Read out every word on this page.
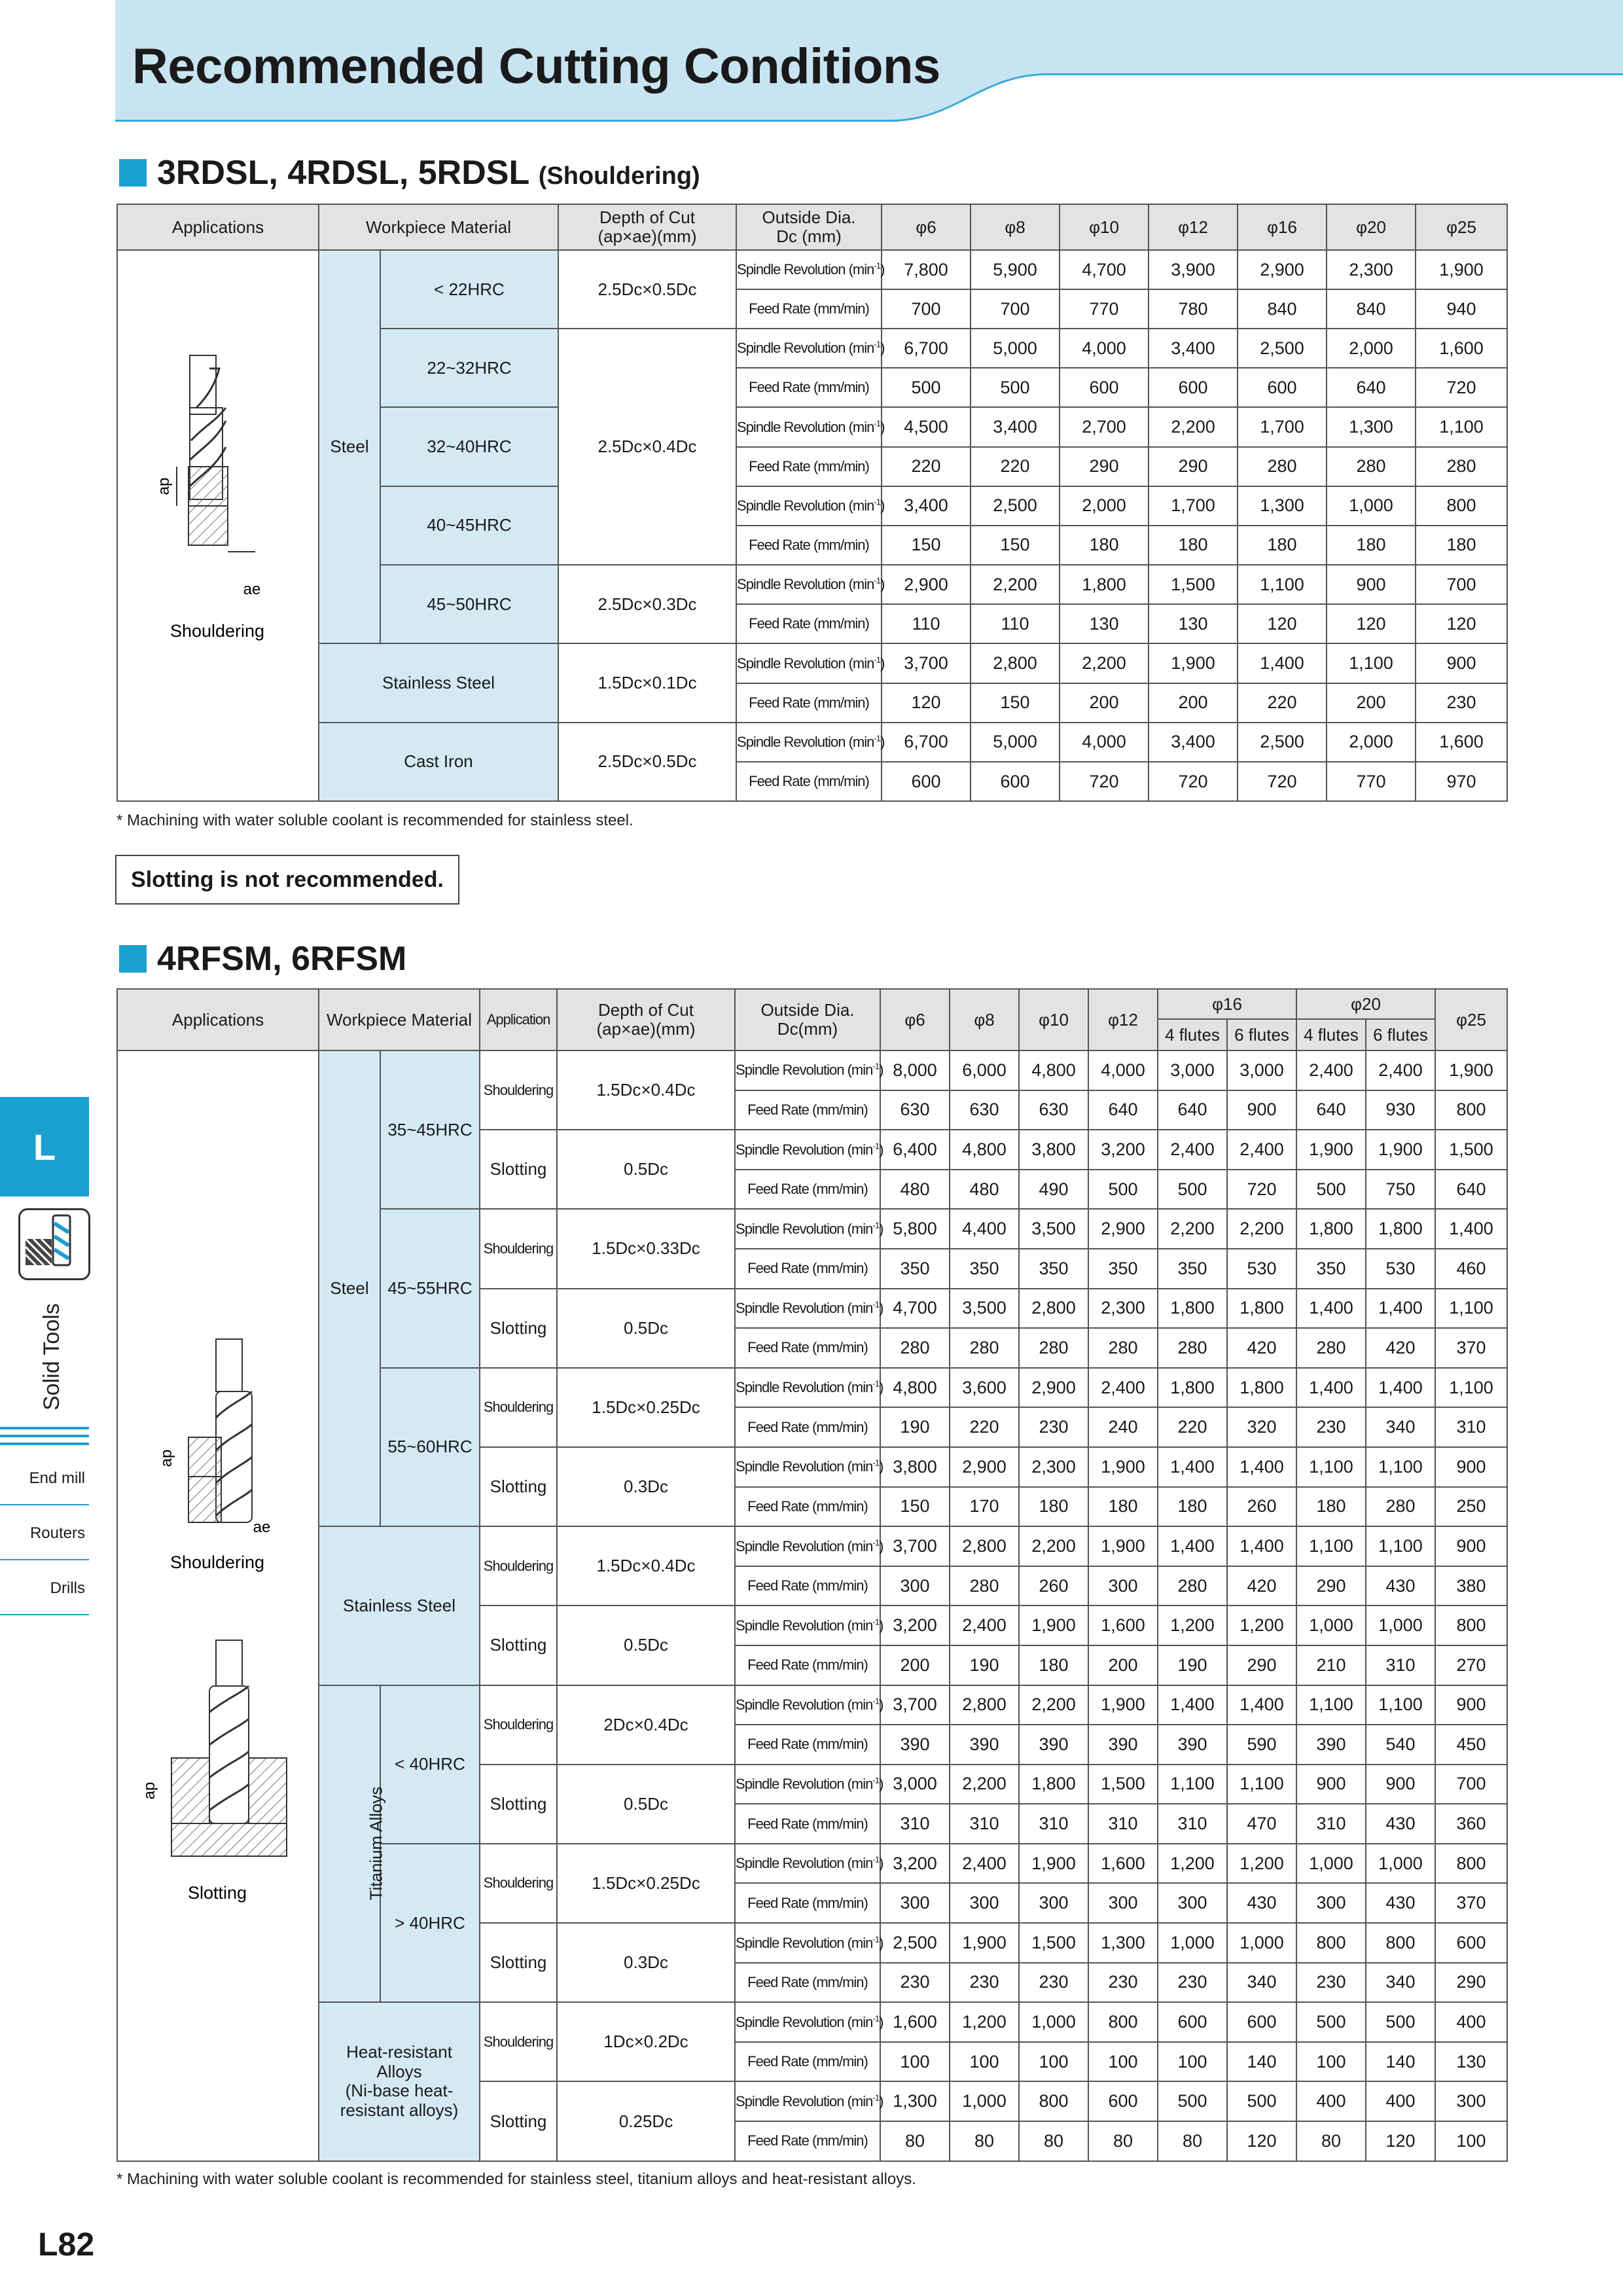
Recommended Cutting Conditions
3RDSL, 4RDSL, 5RDSL (Shouldering)
Applications	Workpiece Material		Depth of Cut
(ap×ae)(mm)	Outside Dia.
Dc (mm)	φ6	φ8	φ10	φ12	φ16	φ20	φ25

ap
ae
Shouldering	Steel	< 22HRC	2.5Dc×0.5Dc	Spindle Revolution $(\min^{-1})$	7,800	5,900	4,700	3,900	2,900	2,300	1,900
				Feed Rate (mm/min)	700	700	770	780	840	840	940
		22~32HRC	2.5Dc×0.4Dc	Spindle Revolution $(\min^{-1})$	6,700	5,000	4,000	3,400	2,500	2,000	1,600
				Feed Rate (mm/min)	500	500	600	600	600	640	720
		32~40HRC		Spindle Revolution $(\min^{-1})$	4,500	3,400	2,700	2,200	1,700	1,300	1,100
				Feed Rate (mm/min)	220	220	290	290	280	280	280
		40~45HRC		Spindle Revolution $(\min^{-1})$	3,400	2,500	2,000	1,700	1,300	1,000	800
				Feed Rate (mm/min)	150	150	180	180	180	180	180
		45~50HRC	2.5Dc×0.3Dc	Spindle Revolution $(\min^{-1})$	2,900	2,200	1,800	1,500	1,100	900	700
				Feed Rate (mm/min)	110	110	130	130	120	120	120
	Stainless Steel		1.5Dc×0.1Dc	Spindle Revolution $(\min^{-1})$	3,700	2,800	2,200	1,900	1,400	1,100	900
				Feed Rate (mm/min)	120	150	200	200	220	200	230
	Cast Iron		2.5Dc×0.5Dc	Spindle Revolution $(\min^{-1})$	6,700	5,000	4,000	3,400	2,500	2,000	1,600
				Feed Rate (mm/min)	600	600	720	720	720	770	970
* Machining with water soluble coolant is recommended for stainless steel.
Slotting is not recommended.
4RFSM, 6RFSM
Applications	Workpiece Material		Application	Depth of Cut
(ap×ae)(mm)	Outside Dia.
Dc(mm)	φ6	φ8	φ10	φ12	φ16		φ20		φ25
										4 flutes	6 flutes	4 flutes	6 flutes	

ap
ae
Shouldering
ap
Slotting	Steel	35~45HRC	Shouldering	1.5Dc×0.4Dc	Spindle Revolution $(\min^{-1})$	8,000	6,000	4,800	4,000	3,000	3,000	2,400	2,400	1,900
					Feed Rate (mm/min)	630	630	630	640	640	900	640	930	800
			Slotting	0.5Dc	Spindle Revolution $(\min^{-1})$	6,400	4,800	3,800	3,200	2,400	2,400	1,900	1,900	1,500
					Feed Rate (mm/min)	480	480	490	500	500	720	500	750	640
		45~55HRC	Shouldering	1.5Dc×0.33Dc	Spindle Revolution $(\min^{-1})$	5,800	4,400	3,500	2,900	2,200	2,200	1,800	1,800	1,400
					Feed Rate (mm/min)	350	350	350	350	350	530	350	530	460
			Slotting	0.5Dc	Spindle Revolution $(\min^{-1})$	4,700	3,500	2,800	2,300	1,800	1,800	1,400	1,400	1,100
					Feed Rate (mm/min)	280	280	280	280	280	420	280	420	370
		55~60HRC	Shouldering	1.5Dc×0.25Dc	Spindle Revolution $(\min^{-1})$	4,800	3,600	2,900	2,400	1,800	1,800	1,400	1,400	1,100
					Feed Rate (mm/min)	190	220	230	240	220	320	230	340	310
			Slotting	0.3Dc	Spindle Revolution $(\min^{-1})$	3,800	2,900	2,300	1,900	1,400	1,400	1,100	1,100	900
					Feed Rate (mm/min)	150	170	180	180	180	260	180	280	250
	Stainless Steel		Shouldering	1.5Dc×0.4Dc	Spindle Revolution $(\min^{-1})$	3,700	2,800	2,200	1,900	1,400	1,400	1,100	1,100	900
					Feed Rate (mm/min)	300	280	260	300	280	420	290	430	380
			Slotting	0.5Dc	Spindle Revolution $(\min^{-1})$	3,200	2,400	1,900	1,600	1,200	1,200	1,000	1,000	800
					Feed Rate (mm/min)	200	190	180	200	190	290	210	310	270
	Titanium Alloys	< 40HRC	Shouldering	2Dc×0.4Dc	Spindle Revolution $(\min^{-1})$	3,700	2,800	2,200	1,900	1,400	1,400	1,100	1,100	900
					Feed Rate (mm/min)	390	390	390	390	390	590	390	540	450
			Slotting	0.5Dc	Spindle Revolution $(\min^{-1})$	3,000	2,200	1,800	1,500	1,100	1,100	900	900	700
					Feed Rate (mm/min)	310	310	310	310	310	470	310	430	360
		> 40HRC	Shouldering	1.5Dc×0.25Dc	Spindle Revolution $(\min^{-1})$	3,200	2,400	1,900	1,600	1,200	1,200	1,000	1,000	800
					Feed Rate (mm/min)	300	300	300	300	300	430	300	430	370
			Slotting	0.3Dc	Spindle Revolution $(\min^{-1})$	2,500	1,900	1,500	1,300	1,000	1,000	800	800	600
					Feed Rate (mm/min)	230	230	230	230	230	340	230	340	290
	Heat-resistant
Alloys
(Ni-base heat-
resistant alloys)		Shouldering	1Dc×0.2Dc	Spindle Revolution $(\min^{-1})$	1,600	1,200	1,000	800	600	600	500	500	400
					Feed Rate (mm/min)	100	100	100	100	100	140	100	140	130
			Slotting	0.25Dc	Spindle Revolution $(\min^{-1})$	1,300	1,000	800	600	500	500	400	400	300
					Feed Rate (mm/min)	80	80	80	80	80	120	80	120	100
* Machining with water soluble coolant is recommended for stainless steel, titanium alloys and heat-resistant alloys.
L
Solid Tools
End mill
Routers
Drills
L82
